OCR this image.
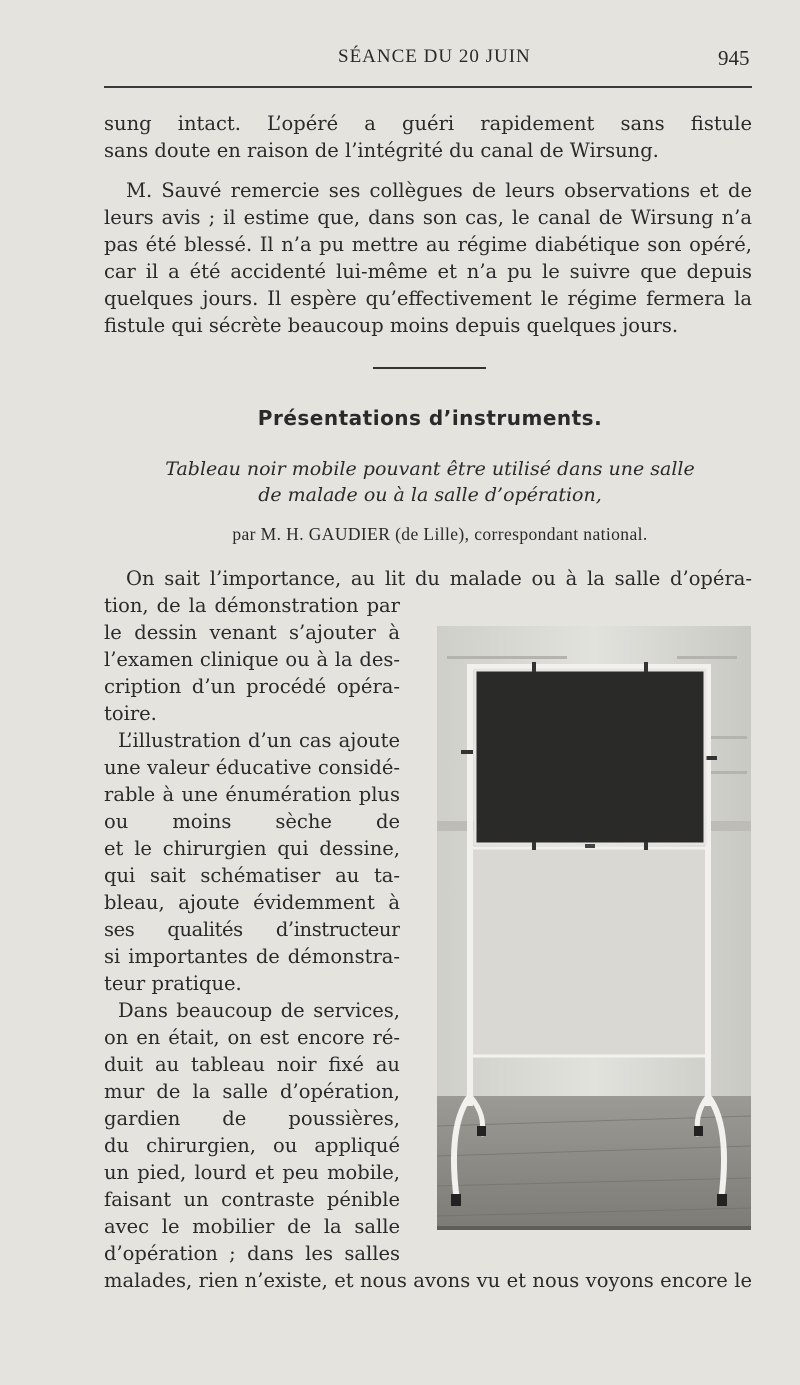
SÉANCE DU 20 JUIN	945
sung intact. L’opéré a guéri rapidement sans fistule
sans doute en raison de l’intégrité du canal de Wirsung.
M. Sauvé remercie ses collègues de leurs observations et de
leurs avis ; il estime que, dans son cas, le canal de Wirsung n’a
pas été blessé. Il n’a pu mettre au régime diabétique son opéré,
car il a été accidenté lui-même et n’a pu le suivre que depuis
quelques jours. Il espère qu’effectivement le régime fermera la
fistule qui sécrète beaucoup moins depuis quelques jours.
Présentations d’instruments.
Tableau noir mobile pouvant être utilisé dans une salle
de malade ou à la salle d’opération,
par M. H. GAUDIER (de Lille), correspondant national.
On sait l’importance, au lit du malade ou à la salle d’opéra-
tion, de la démonstration par
le dessin venant s’ajouter à
l’examen clinique ou à la des-
cription d’un procédé opéra-
toire.
L’illustration d’un cas ajoute
une valeur éducative considé-
rable à une énumération plus
ou moins sèche de
et le chirurgien qui dessine,
qui sait schématiser au ta-
bleau, ajoute évidemment à
ses qualités d’instructeur
si importantes de démonstra-
teur pratique.
Dans beaucoup de services,
on en était, on est encore ré-
duit au tableau noir fixé au
mur de la salle d’opération,
gardien de poussières,
du chirurgien, ou appliqué
un pied, lourd et peu mobile,
faisant un contraste pénible
avec le mobilier de la salle
d’opération ; dans les salles
malades, rien n’existe, et nous avons vu et nous voyons encore le
